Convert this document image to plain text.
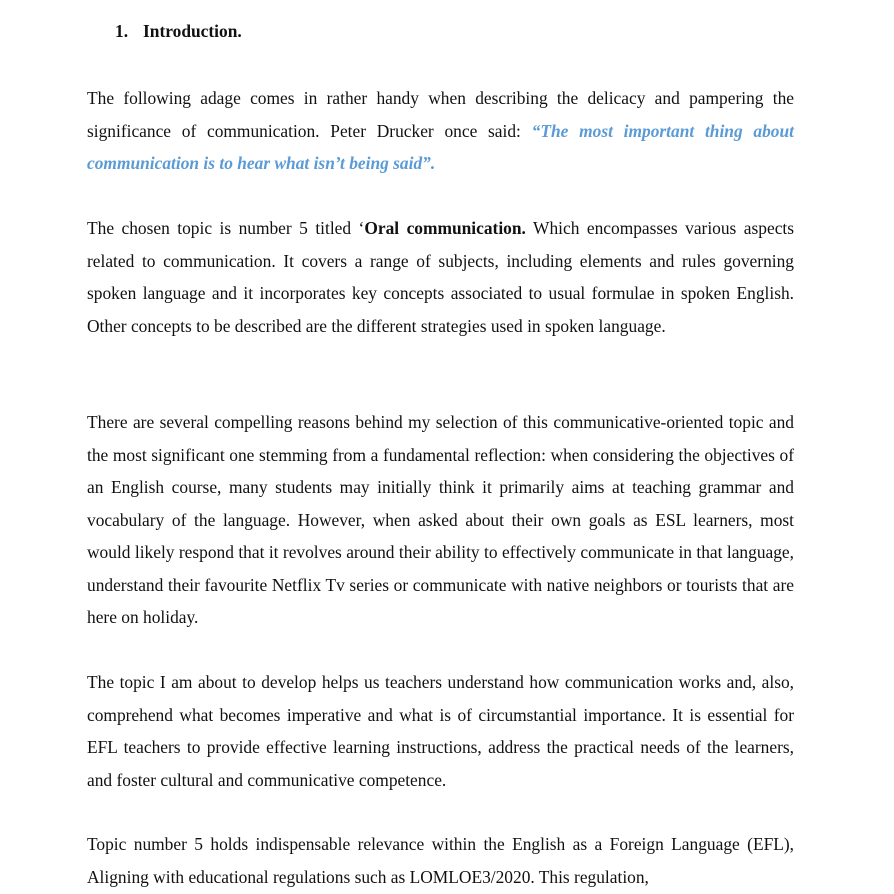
1. Introduction.

The following adage comes in rather handy when describing the delicacy and pampering the significance of communication. Peter Drucker once said: “The most important thing about communication is to hear what isn’t being said”.

The chosen topic is number 5 titled ‘Oral communication. Which encompasses various aspects related to communication. It covers a range of subjects, including elements and rules governing spoken language and it incorporates key concepts associated to usual formulae in spoken English. Other concepts to be described are the different strategies used in spoken language.

There are several compelling reasons behind my selection of this communicative-oriented topic and the most significant one stemming from a fundamental reflection: when considering the objectives of an English course, many students may initially think it primarily aims at teaching grammar and vocabulary of the language. However, when asked about their own goals as ESL learners, most would likely respond that it revolves around their ability to effectively communicate in that language, understand their favourite Netflix Tv series or communicate with native neighbors or tourists that are here on holiday.

The topic I am about to develop helps us teachers understand how communication works and, also, comprehend what becomes imperative and what is of circumstantial importance. It is essential for EFL teachers to provide effective learning instructions, address the practical needs of the learners, and foster cultural and communicative competence.

Topic number 5 holds indispensable relevance within the English as a Foreign Language (EFL), Aligning with educational regulations such as LOMLOE3/2020. This regulation,
